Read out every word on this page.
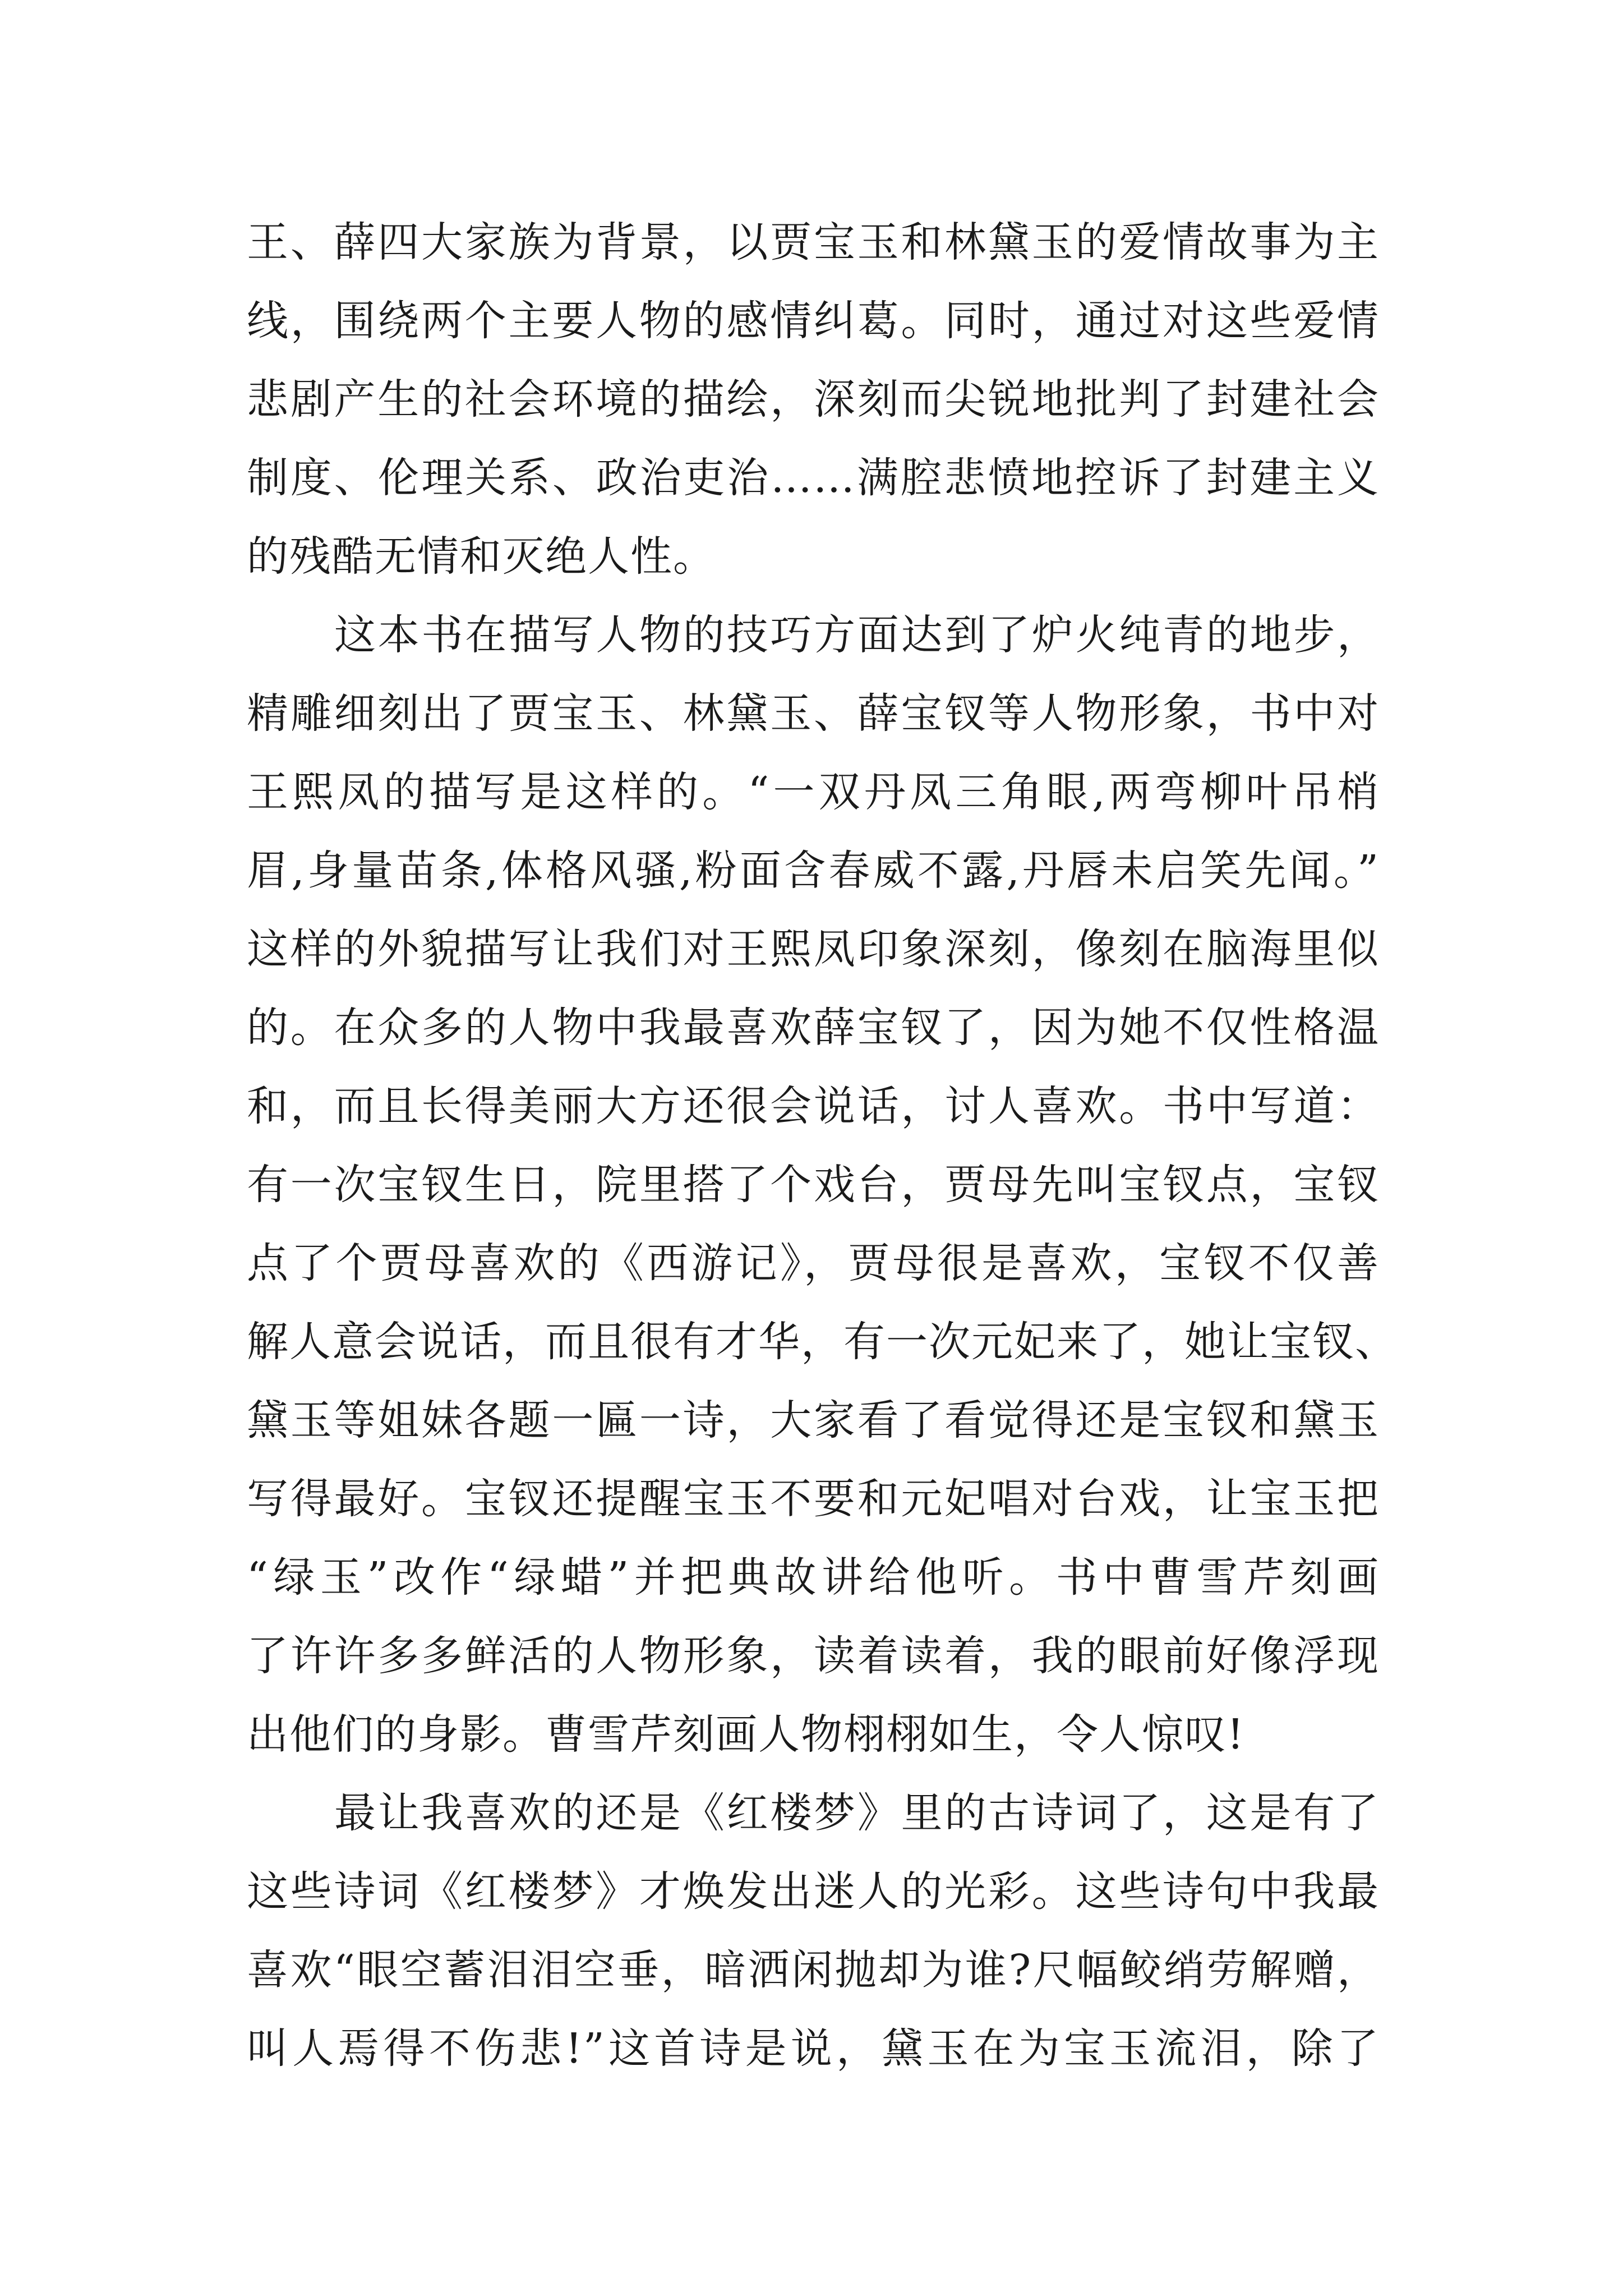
王、薛四大家族为背景，以贾宝玉和林黛玉的爱情故事为主
线，围绕两个主要人物的感情纠葛。同时，通过对这些爱情
悲剧产生的社会环境的描绘，深刻而尖锐地批判了封建社会
制度、伦理关系、政治吏治……满腔悲愤地控诉了封建主义
的残酷无情和灭绝人性。

这本书在描写人物的技巧方面达到了炉火纯青的地步，
精雕细刻出了贾宝玉、林黛玉、薛宝钗等人物形象，书中对
王熙凤的描写是这样的。“一双丹凤三角眼,两弯柳叶吊梢
眉,身量苗条,体格风骚,粉面含春威不露,丹唇未启笑先闻。”
这样的外貌描写让我们对王熙凤印象深刻，像刻在脑海里似
的。在众多的人物中我最喜欢薛宝钗了，因为她不仅性格温
和，而且长得美丽大方还很会说话，讨人喜欢。书中写道：
有一次宝钗生日，院里搭了个戏台，贾母先叫宝钗点，宝钗
点了个贾母喜欢的《西游记》，贾母很是喜欢，宝钗不仅善
解人意会说话，而且很有才华，有一次元妃来了，她让宝钗、
黛玉等姐妹各题一匾一诗，大家看了看觉得还是宝钗和黛玉
写得最好。宝钗还提醒宝玉不要和元妃唱对台戏，让宝玉把
“绿玉”改作“绿蜡”并把典故讲给他听。书中曹雪芹刻画
了许许多多鲜活的人物形象，读着读着，我的眼前好像浮现
出他们的身影。曹雪芹刻画人物栩栩如生，令人惊叹!

最让我喜欢的还是《红楼梦》里的古诗词了，这是有了
这些诗词《红楼梦》才焕发出迷人的光彩。这些诗句中我最
喜欢“眼空蓄泪泪空垂，暗洒闲抛却为谁?尺幅鲛绡劳解赠，
叫人焉得不伤悲!”这首诗是说，黛玉在为宝玉流泪，除了
